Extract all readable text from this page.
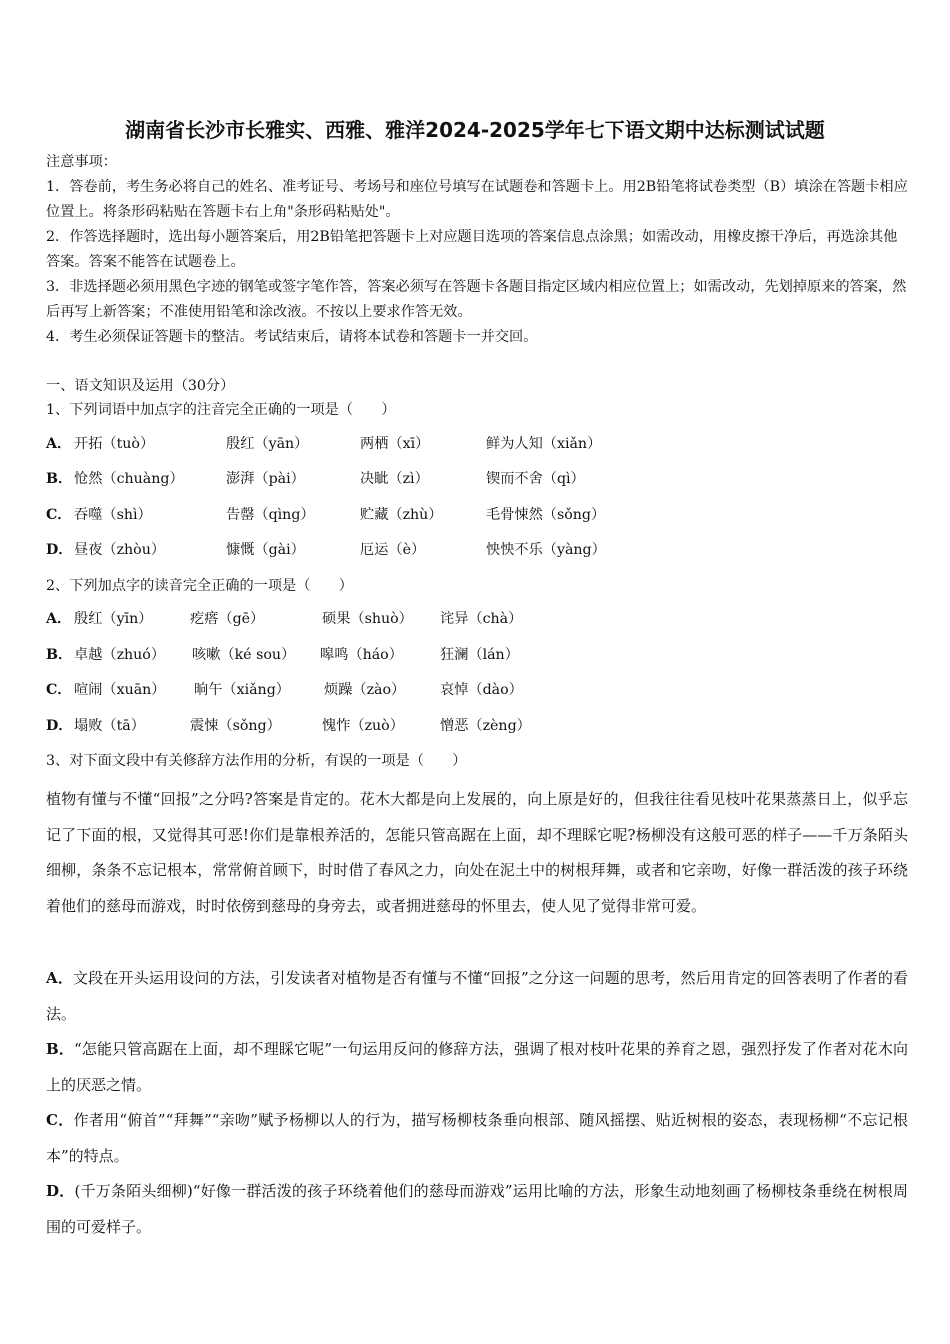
湖南省长沙市长雅实、西雅、雅洋2024-2025学年七下语文期中达标测试试题

注意事项：

1．答卷前，考生务必将自己的姓名、准考证号、考场号和座位号填写在试题卷和答题卡上。用2B铅笔将试卷类型（B）填涂在答题卡相应位置上。将条形码粘贴在答题卡右上角"条形码粘贴处"。

2．作答选择题时，选出每小题答案后，用2B铅笔把答题卡上对应题目选项的答案信息点涂黑；如需改动，用橡皮擦干净后，再选涂其他答案。答案不能答在试题卷上。

3．非选择题必须用黑色字迹的钢笔或签字笔作答，答案必须写在答题卡各题目指定区域内相应位置上；如需改动，先划掉原来的答案，然后再写上新答案；不准使用铅笔和涂改液。不按以上要求作答无效。

4．考生必须保证答题卡的整洁。考试结束后，请将本试卷和答题卡一并交回。

一、语文知识及运用（30分）
1、下列词语中加点字的注音完全正确的一项是（　　）
A． 开拓（tuò）	殷红（yān）	两栖（xī）	鲜为人知（xiǎn）
B． 怆然（chuàng）	澎湃（pài）	决眦（zì）	锲而不舍（qì）
C． 吞噬（shì）	告罄（qìng）	贮藏（zhù）	毛骨悚然（sǒng）
D． 昼夜（zhòu）	慷慨（gài）	厄运（è）	怏怏不乐（yàng）
2、下列加点字的读音完全正确的一项是（　　）
A． 殷红（yīn）	疙瘩（gē）	硕果（shuò） 诧异（chà）
B． 卓越（zhuó） 咳嗽（ké sou） 嗥鸣（háo）	狂澜（lán）
C． 喧闹（xuān） 晌午（xiǎng） 烦躁（zào） 哀悼（dào）
D． 塌败（tā）	震悚（sǒng）	愧怍（zuò）	憎恶（zèng）
3、对下面文段中有关修辞方法作用的分析，有误的一项是（　　）
植物有懂与不懂“回报”之分吗?答案是肯定的。花木大都是向上发展的，向上原是好的，但我往往看见枝叶花果蒸蒸日上，似乎忘记了下面的根，又觉得其可恶!你们是靠根养活的，怎能只管高踞在上面，却不理睬它呢?杨柳没有这般可恶的样子——千万条陌头细柳，条条不忘记根本，常常俯首顾下，时时借了春风之力，向处在泥土中的树根拜舞，或者和它亲吻，好像一群活泼的孩子环绕着他们的慈母而游戏，时时依傍到慈母的身旁去，或者拥进慈母的怀里去，使人见了觉得非常可爱。

A．文段在开头运用设问的方法，引发读者对植物是否有懂与不懂“回报”之分这一问题的思考，然后用肯定的回答表明了作者的看法。

B．“怎能只管高踞在上面，却不理睬它呢”一句运用反问的修辞方法，强调了根对枝叶花果的养育之恩，强烈抒发了作者对花木向上的厌恶之情。

C．作者用“俯首”“拜舞”“亲吻”赋予杨柳以人的行为，描写杨柳枝条垂向根部、随风摇摆、贴近树根的姿态，表现杨柳“不忘记根本”的特点。

D．(千万条陌头细柳)“好像一群活泼的孩子环绕着他们的慈母而游戏”运用比喻的方法，形象生动地刻画了杨柳枝条垂绕在树根周围的可爱样子。
